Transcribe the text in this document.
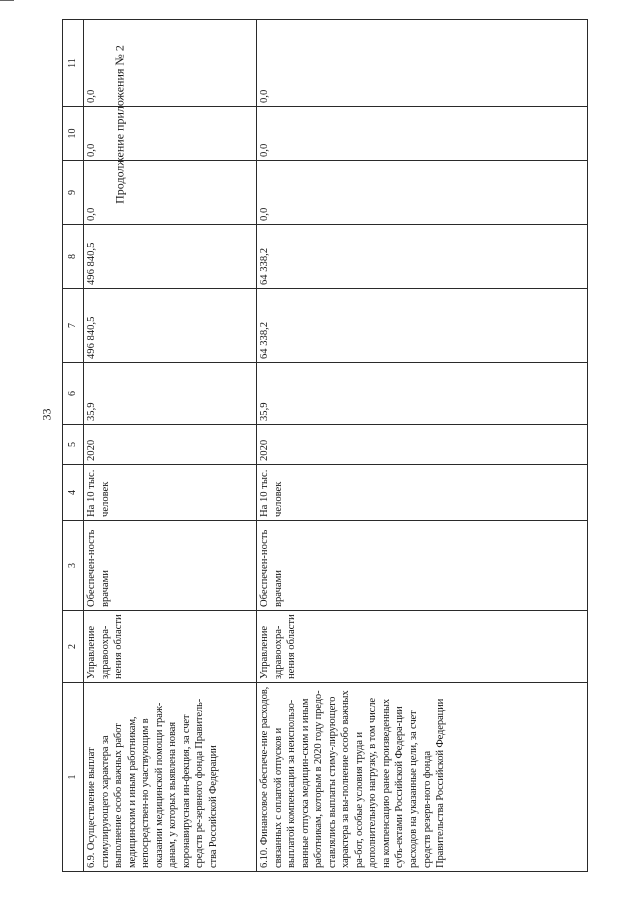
33
Продолжение приложения № 2
1	2	3	4	5	6	7	8	9	10	11
6.9. Осуществление выплат стимулирующего характера за выполнение особо важных работ медицинским и иным работникам, непосредствен-но участвующим в оказании медицинской помощи граж-данам, у которых выявлена новая коронавирусная ин-фекция, за счет средств ре-зервного фонда Правитель-ства Российской Федерации	Управление здравоохра-нения области	Обеспечен-ность врачами	На 10 тыс. человек	2020	35,9	496 840,5	496 840,5	0,0	0,0	0,0
6.10. Финансовое обеспече-ние расходов, связанных с оплатой отпусков и выплатой компенсации за неиспользо-ванные отпуска медицин-ским и иным работникам, которым в 2020 году предо-ставлялись выплаты стиму-лирующего характера за вы-полнение особо важных ра-бот, особые условия труда и дополнительную нагрузку, в том числе на компенсацию ранее произведенных субъ-ектами Российской Федера-ции расходов на указанные цели, за счет средств резерв-ного фонда Правительства Российской Федерации	Управление здравоохра-нения области	Обеспечен-ность врачами	На 10 тыс. человек	2020	35,9	64 338,2	64 338,2	0,0	0,0	0,0
